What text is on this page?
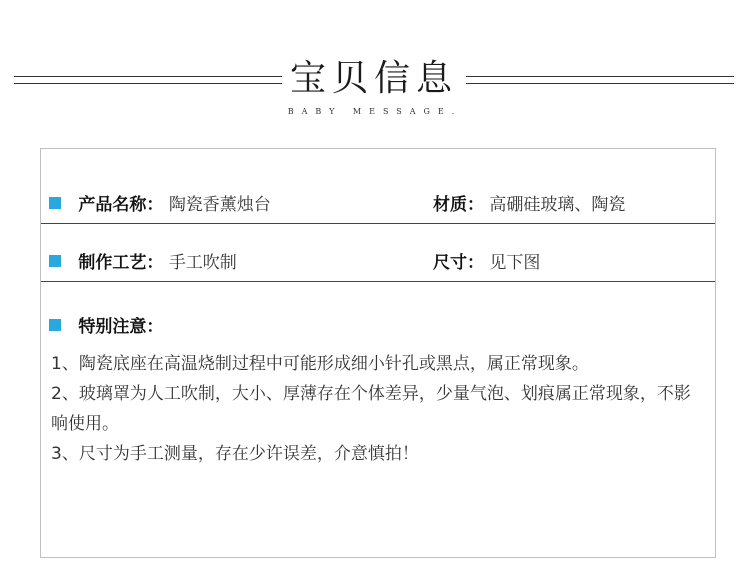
宝贝信息
BABY MESSAGE.
产品名称： 陶瓷香薰烛台	材质： 高硼硅玻璃、陶瓷
制作工艺： 手工吹制	尺寸： 见下图
特别注意：

1、陶瓷底座在高温烧制过程中可能形成细小针孔或黑点，属正常现象。

2、玻璃罩为人工吹制，大小、厚薄存在个体差异，少量气泡、划痕属正常现象，不影响使用。

3、尺寸为手工测量，存在少许误差，介意慎拍！
